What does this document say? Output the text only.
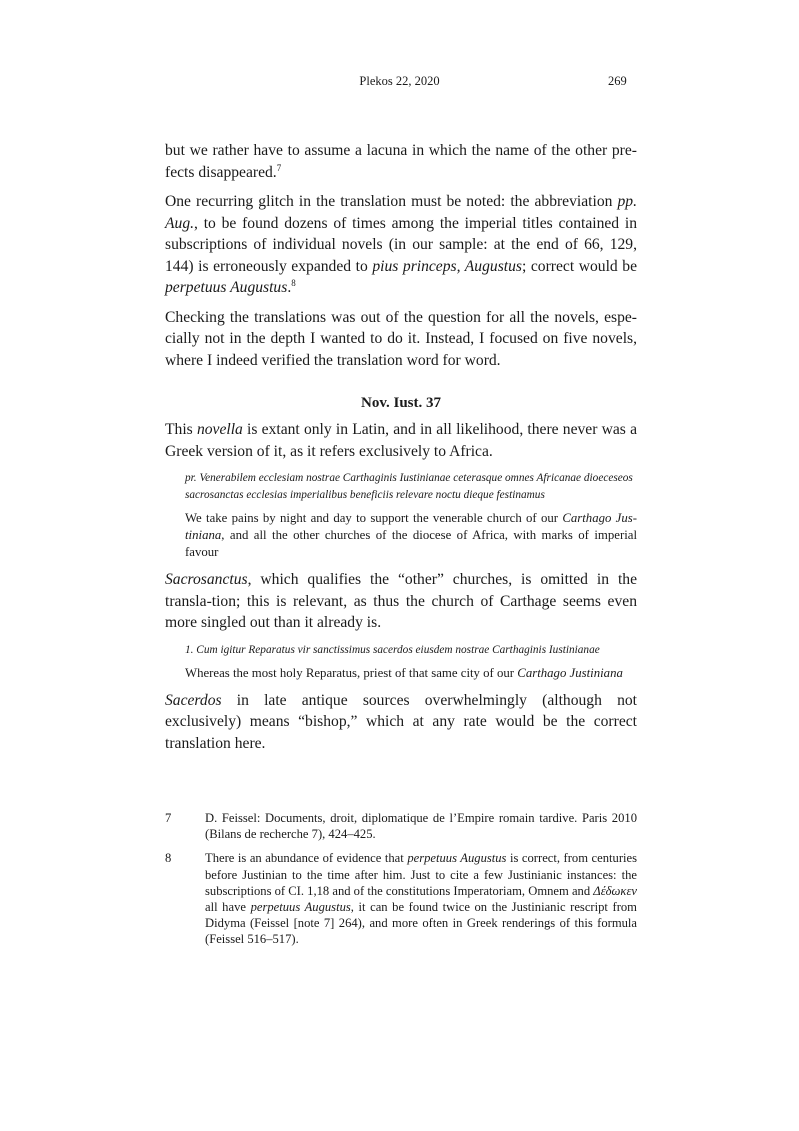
Plekos 22, 2020	269
but we rather have to assume a lacuna in which the name of the other pre-fects disappeared.$^7$
One recurring glitch in the translation must be noted: the abbreviation pp. Aug., to be found dozens of times among the imperial titles contained in subscriptions of individual novels (in our sample: at the end of 66, 129, 144) is erroneously expanded to pius princeps, Augustus; correct would be perpetuus Augustus.$^8$
Checking the translations was out of the question for all the novels, espe-cially not in the depth I wanted to do it. Instead, I focused on five novels, where I indeed verified the translation word for word.
Nov. Iust. 37
This novella is extant only in Latin, and in all likelihood, there never was a Greek version of it, as it refers exclusively to Africa.
pr. Venerabilem ecclesiam nostrae Carthaginis Iustinianae ceterasque omnes Africanae dioeceseos sacrosanctas ecclesias imperialibus beneficiis relevare noctu dieque festinamus
We take pains by night and day to support the venerable church of our Carthago Jus-tiniana, and all the other churches of the diocese of Africa, with marks of imperial favour
Sacrosanctus, which qualifies the “other” churches, is omitted in the transla-tion; this is relevant, as thus the church of Carthage seems even more singled out than it already is.
1. Cum igitur Reparatus vir sanctissimus sacerdos eiusdem nostrae Carthaginis Iustinianae
Whereas the most holy Reparatus, priest of that same city of our Carthago Justiniana
Sacerdos in late antique sources overwhelmingly (although not exclusively) means “bishop,” which at any rate would be the correct translation here.
7	D. Feissel: Documents, droit, diplomatique de l’Empire romain tardive. Paris 2010 (Bilans de recherche 7), 424–425.
8	There is an abundance of evidence that perpetuus Augustus is correct, from centuries before Justinian to the time after him. Just to cite a few Justinianic instances: the subscriptions of CI. 1,18 and of the constitutions Imperatoriam, Omnem and Δέδωκεν all have perpetuus Augustus, it can be found twice on the Justinianic rescript from Didyma (Feissel [note 7] 264), and more often in Greek renderings of this formula (Feissel 516–517).
